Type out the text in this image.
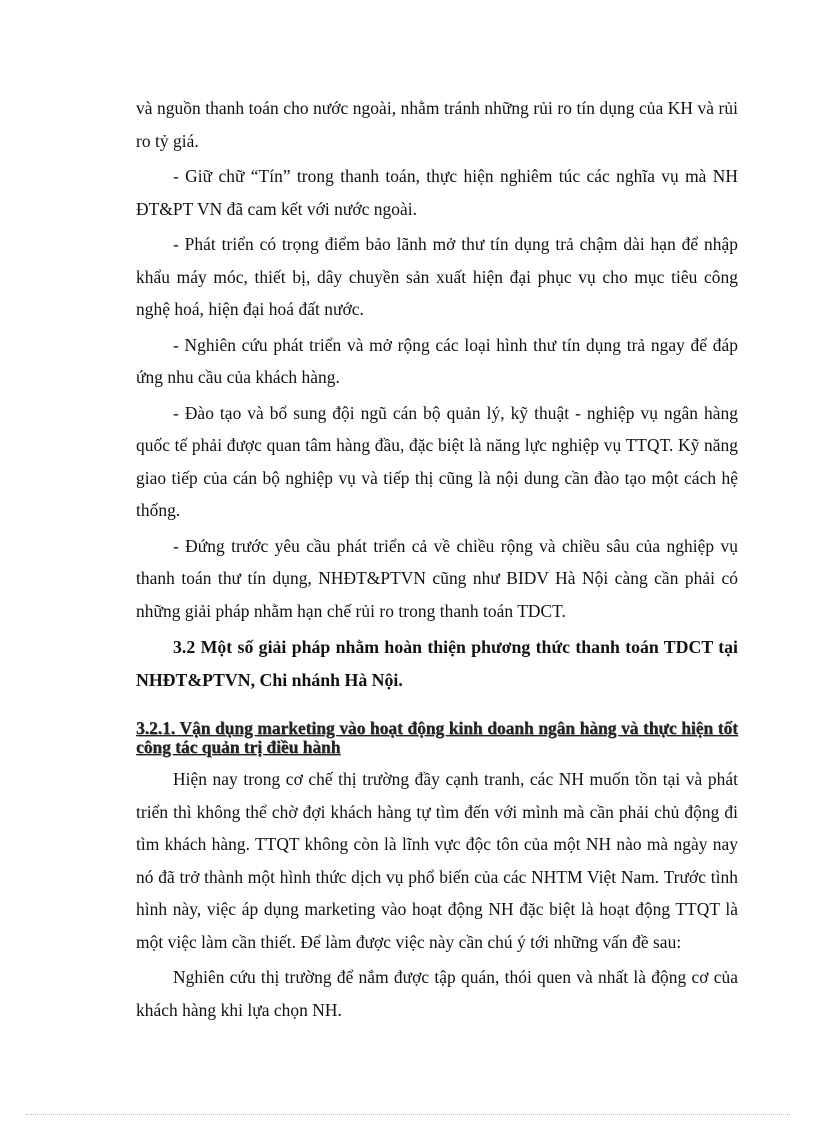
và nguồn thanh toán cho nước ngoài, nhằm tránh những rủi ro tín dụng của KH và rủi ro tỷ giá.

- Giữ chữ “Tín” trong thanh toán, thực hiện nghiêm túc các nghĩa vụ mà NH ĐT&PT VN đã cam kết với nước ngoài.

- Phát triển có trọng điểm bảo lãnh mở thư tín dụng trả chậm dài hạn để nhập khẩu máy móc, thiết bị, dây chuyền sản xuất hiện đại phục vụ cho mục tiêu công nghệ hoá, hiện đại hoá đất nước.

- Nghiên cứu phát triển và mở rộng các loại hình thư tín dụng trả ngay để đáp ứng nhu cầu của khách hàng.

- Đào tạo và bổ sung đội ngũ cán bộ quản lý, kỹ thuật - nghiệp vụ ngân hàng quốc tế phải được quan tâm hàng đầu, đặc biệt là năng lực nghiệp vụ TTQT. Kỹ năng giao tiếp của cán bộ nghiệp vụ và tiếp thị cũng là nội dung cần đào tạo một cách hệ thống.

- Đứng trước yêu cầu phát triển cả về chiều rộng và chiều sâu của nghiệp vụ thanh toán thư tín dụng, NHĐT&PTVN cũng như BIDV Hà Nội càng cần phải có những giải pháp nhằm hạn chế rủi ro trong thanh toán TDCT.

3.2 Một số giải pháp nhằm hoàn thiện phương thức thanh toán TDCT tại NHĐT&PTVN, Chi nhánh Hà Nội.
3.2.1. Vận dụng marketing vào hoạt động kinh doanh ngân hàng và thực hiện tốt công tác quản trị điều hành

Hiện nay trong cơ chế thị trường đầy cạnh tranh, các NH muốn tồn tại và phát triển thì không thể chờ đợi khách hàng tự tìm đến với mình mà cần phải chủ động đi tìm khách hàng. TTQT không còn là lĩnh vực độc tôn của một NH nào mà ngày nay nó đã trở thành một hình thức dịch vụ phổ biến của các NHTM Việt Nam. Trước tình hình này, việc áp dụng marketing vào hoạt động NH đặc biệt là hoạt động TTQT là một việc làm cần thiết. Để làm được việc này cần chú ý tới những vấn đề sau:

Nghiên cứu thị trường để nắm được tập quán, thói quen và nhất là động cơ của khách hàng khi lựa chọn NH.
